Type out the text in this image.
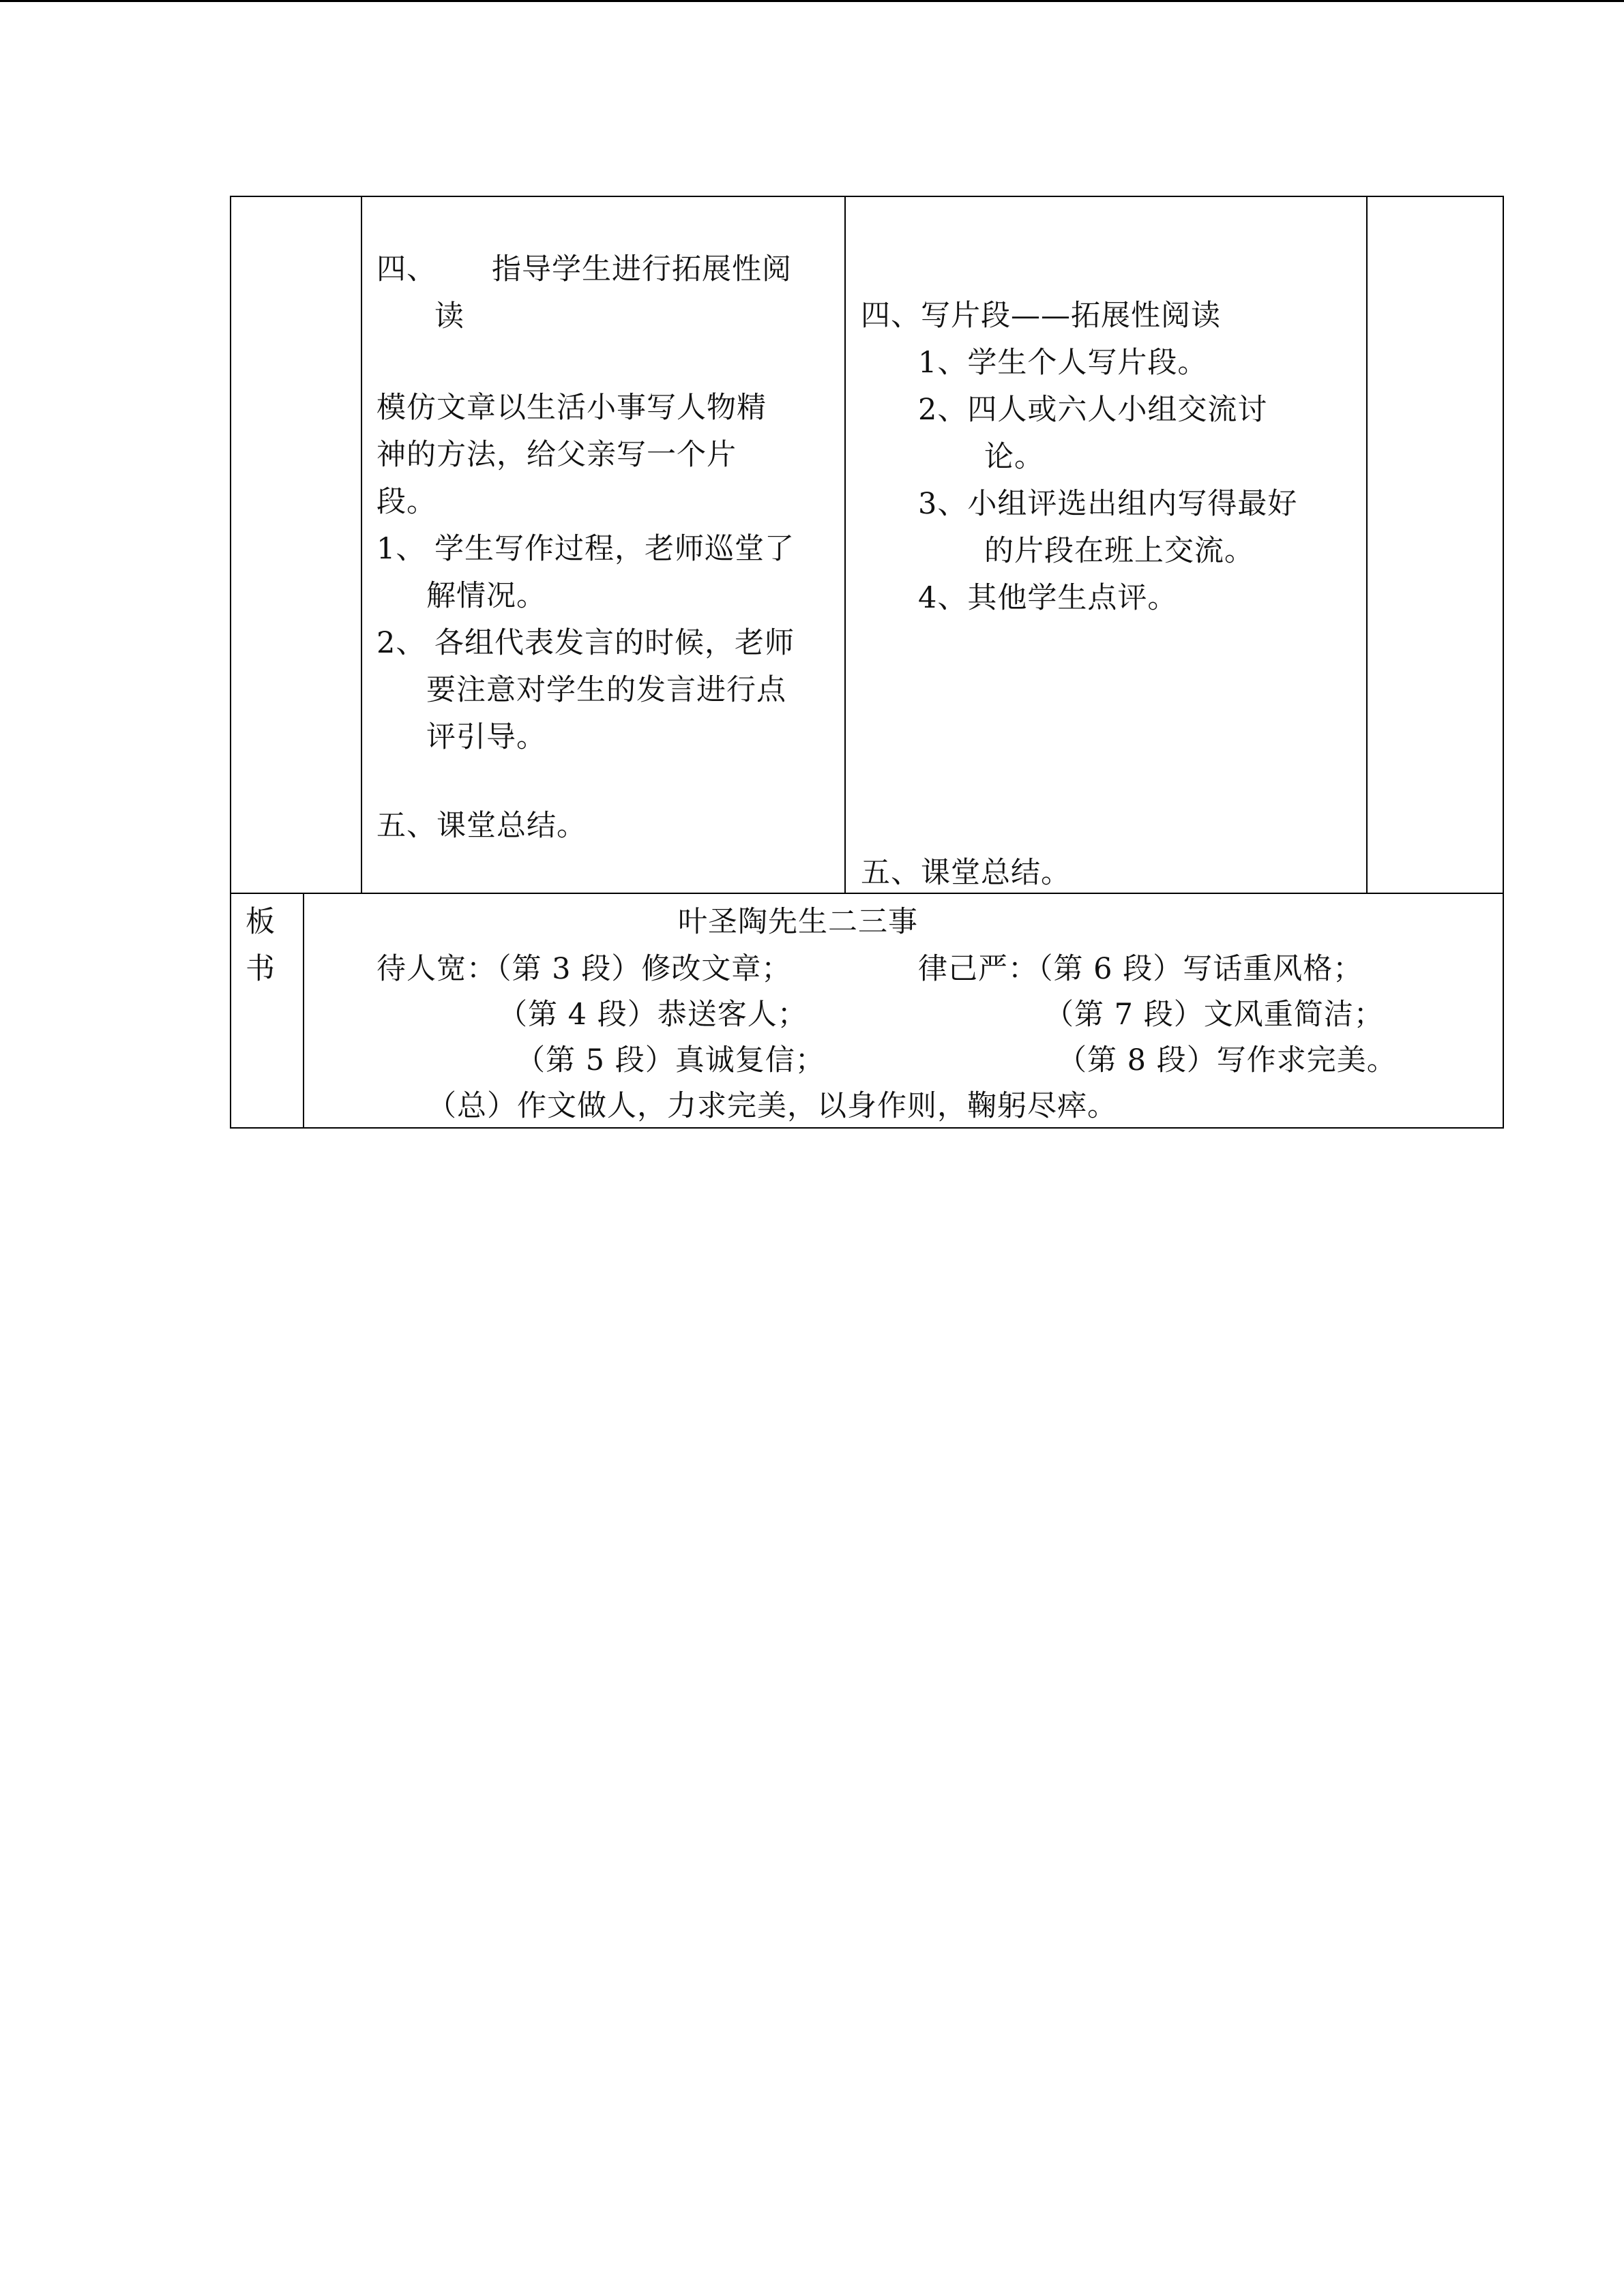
四、 指导学生进行拓展性阅
读
模仿文章以生活小事写人物精
神的方法，给父亲写一个片
段。
1、 学生写作过程，老师巡堂了
解情况。
2、 各组代表发言的时候，老师
要注意对学生的发言进行点
评引导。
五、课堂总结。
四、写片段——拓展性阅读
1、学生个人写片段。
2、四人或六人小组交流讨
论。
3、小组评选出组内写得最好
的片段在班上交流。
4、其他学生点评。
五、课堂总结。
板
书
叶圣陶先生二三事
待人宽：（第 3 段）修改文章；
（第 4 段）恭送客人；
（第 5 段）真诚复信；
律己严：（第 6 段）写话重风格；
（第 7 段）文风重简洁；
（第 8 段）写作求完美。
（总）作文做人，力求完美，以身作则，鞠躬尽瘁。
